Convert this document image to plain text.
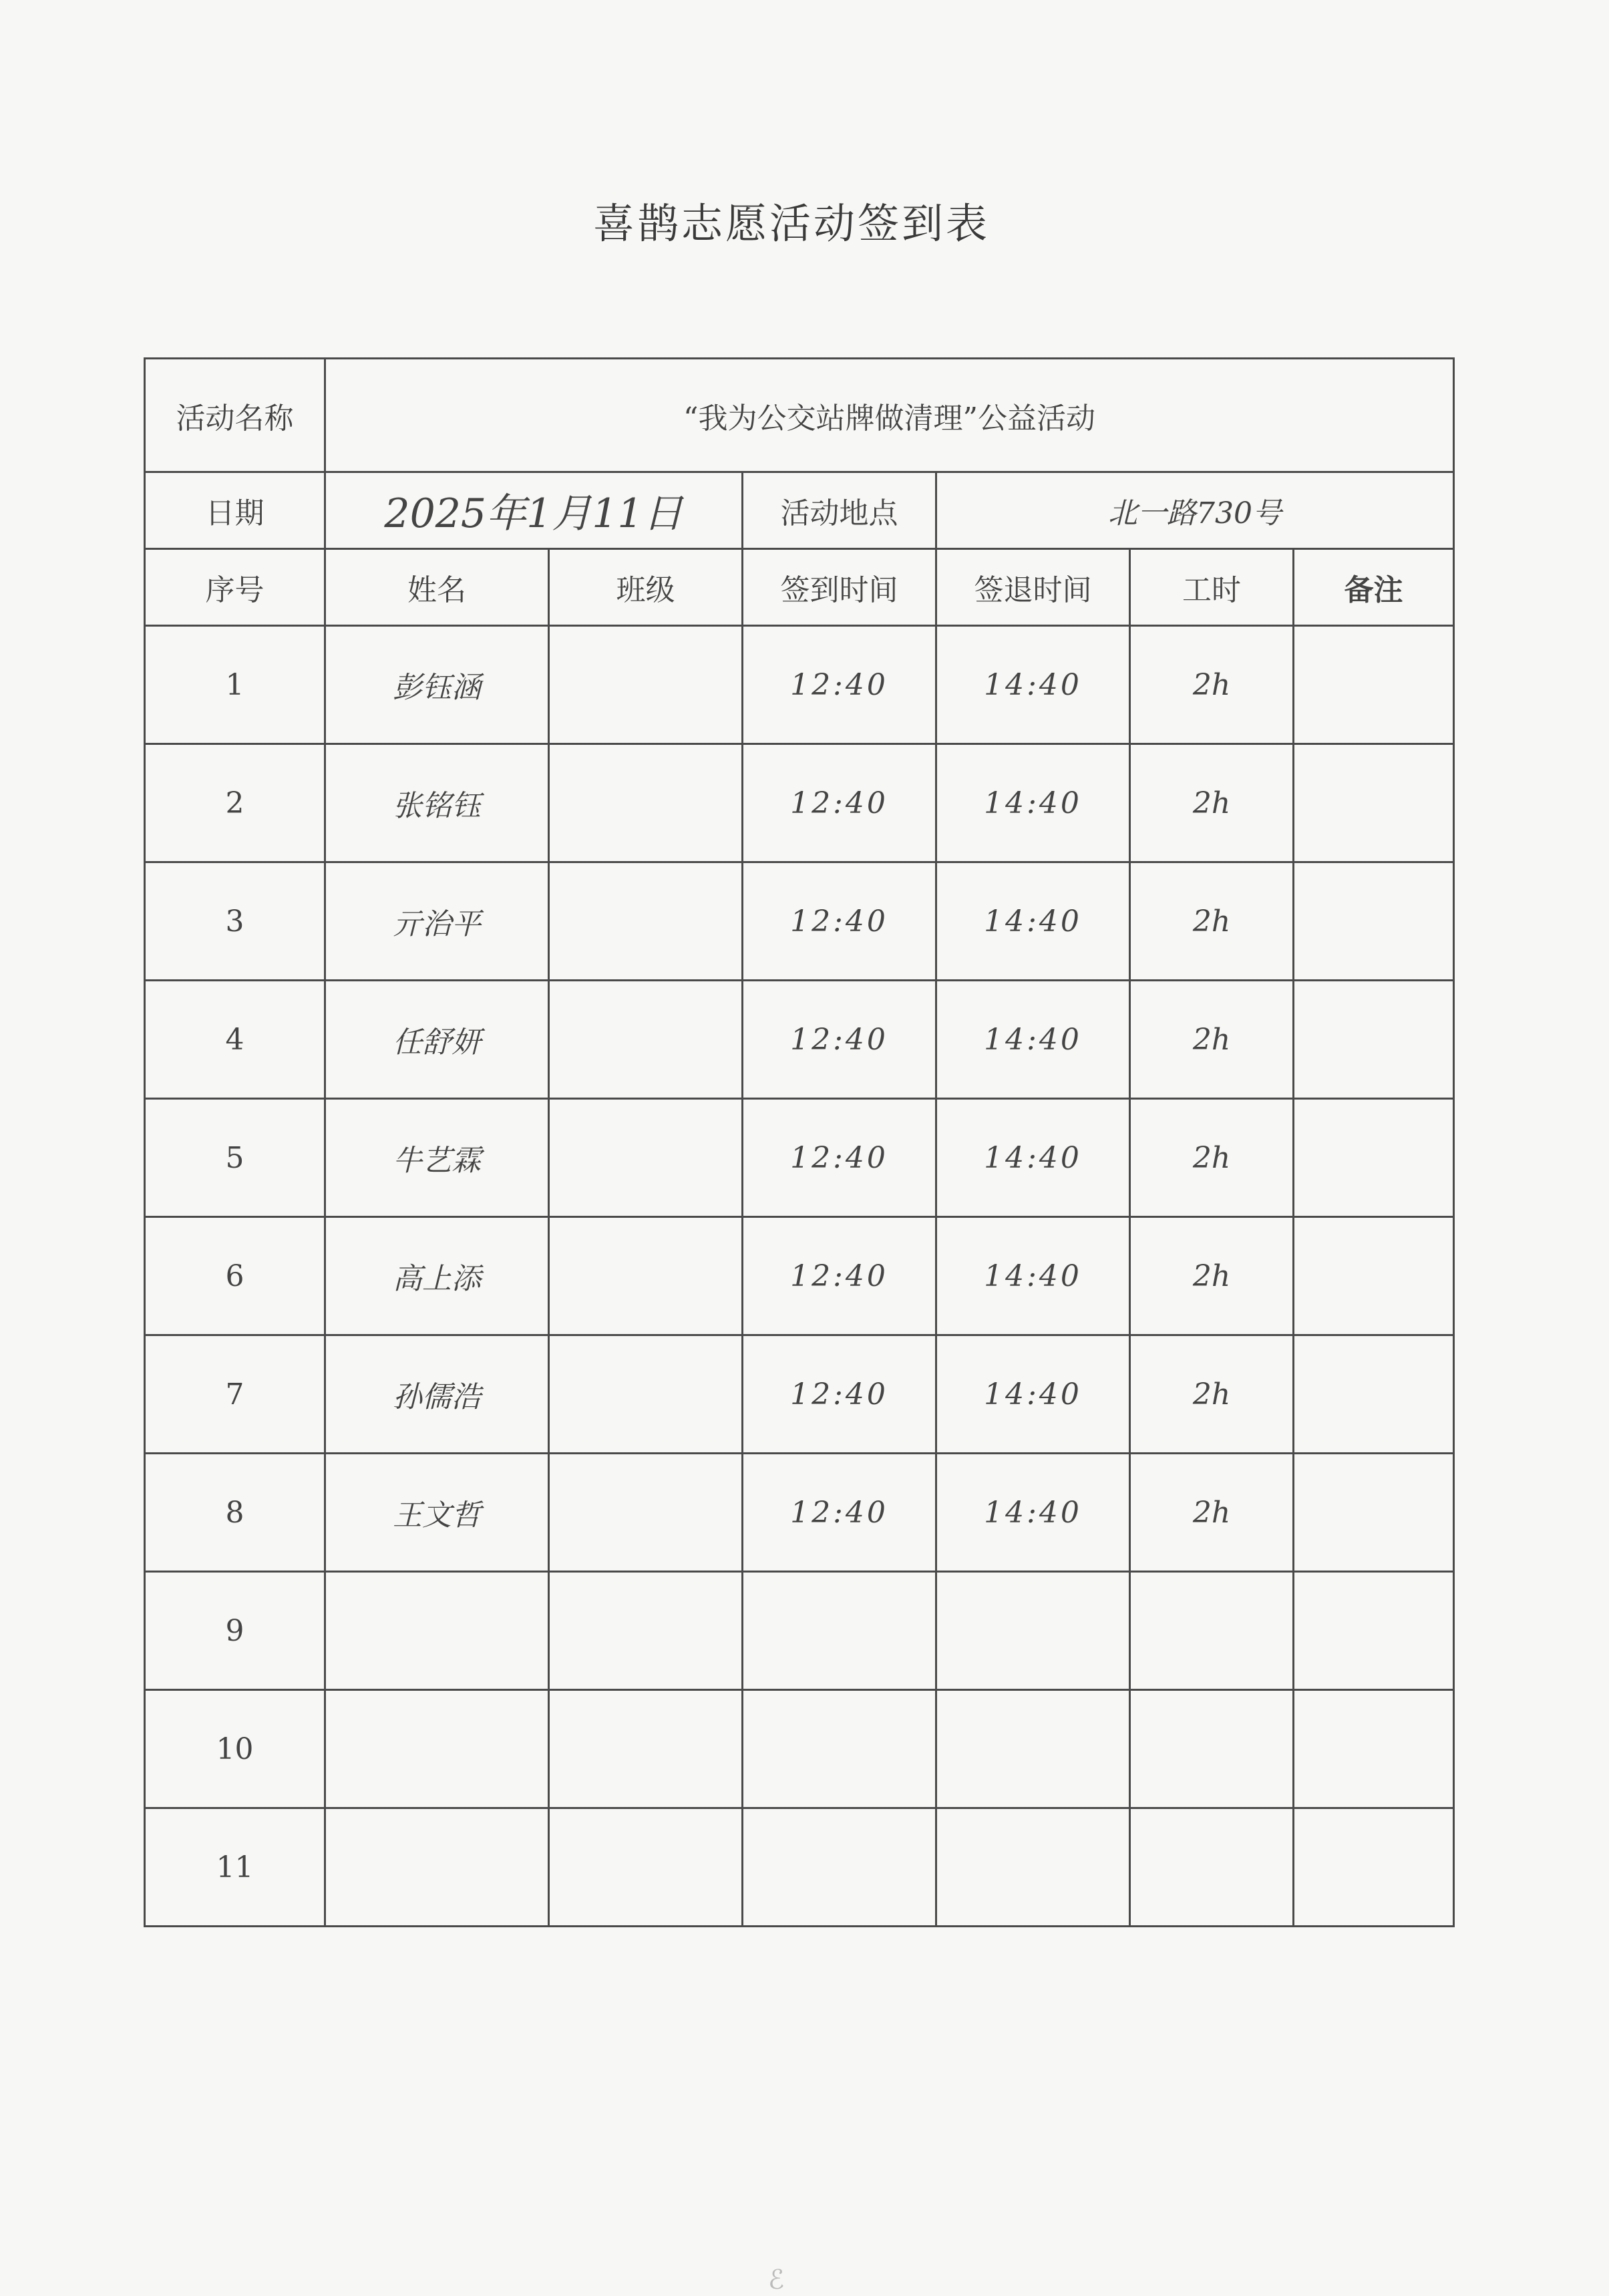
喜鹊志愿活动签到表
活动名称	“我为公交站牌做清理”公益活动					
日期	2025年1月11日		活动地点	北一路730号		
序号	姓名	班级	签到时间	签退时间	工时	备注
1	彭钰涵		12:40	14:40	2h	
2	张铭钰		12:40	14:40	2h	
3	亓治平		12:40	14:40	2h	
4	任舒妍		12:40	14:40	2h	
5	牛艺霖		12:40	14:40	2h	
6	高上添		12:40	14:40	2h	
7	孙儒浩		12:40	14:40	2h	
8	王文哲		12:40	14:40	2h	
9						
10						
11						
ℰ
